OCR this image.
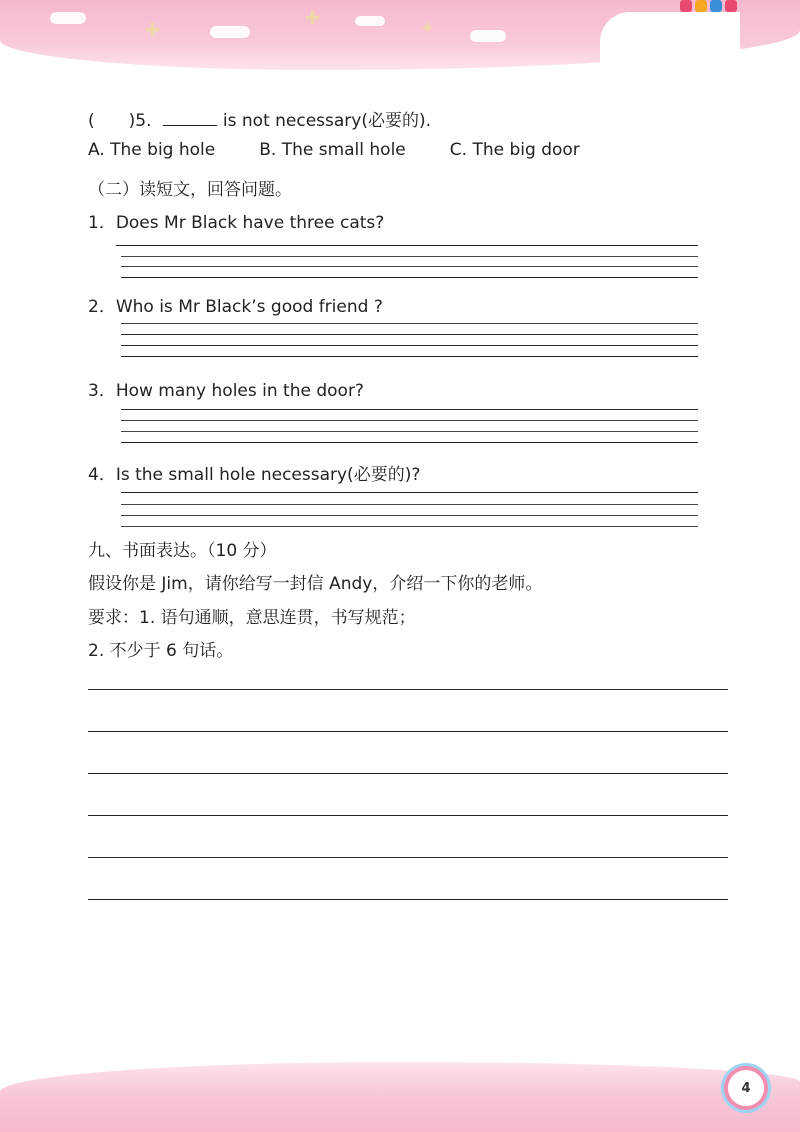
✚
✚	✦
( )5.	is not necessary(必要的).
A. The big hole	B. The small hole	C. The big door
（二）读短文，回答问题。
1．Does Mr Black have three cats?
2．Who is Mr Black’s good friend ?
3．How many holes in the door?
4．Is the small hole necessary(必要的)?
九、书面表达。（10 分）
假设你是 Jim，请你给写一封信 Andy，介绍一下你的老师。
要求：1. 语句通顺，意思连贯，书写规范；
2. 不少于 6 句话。
4
